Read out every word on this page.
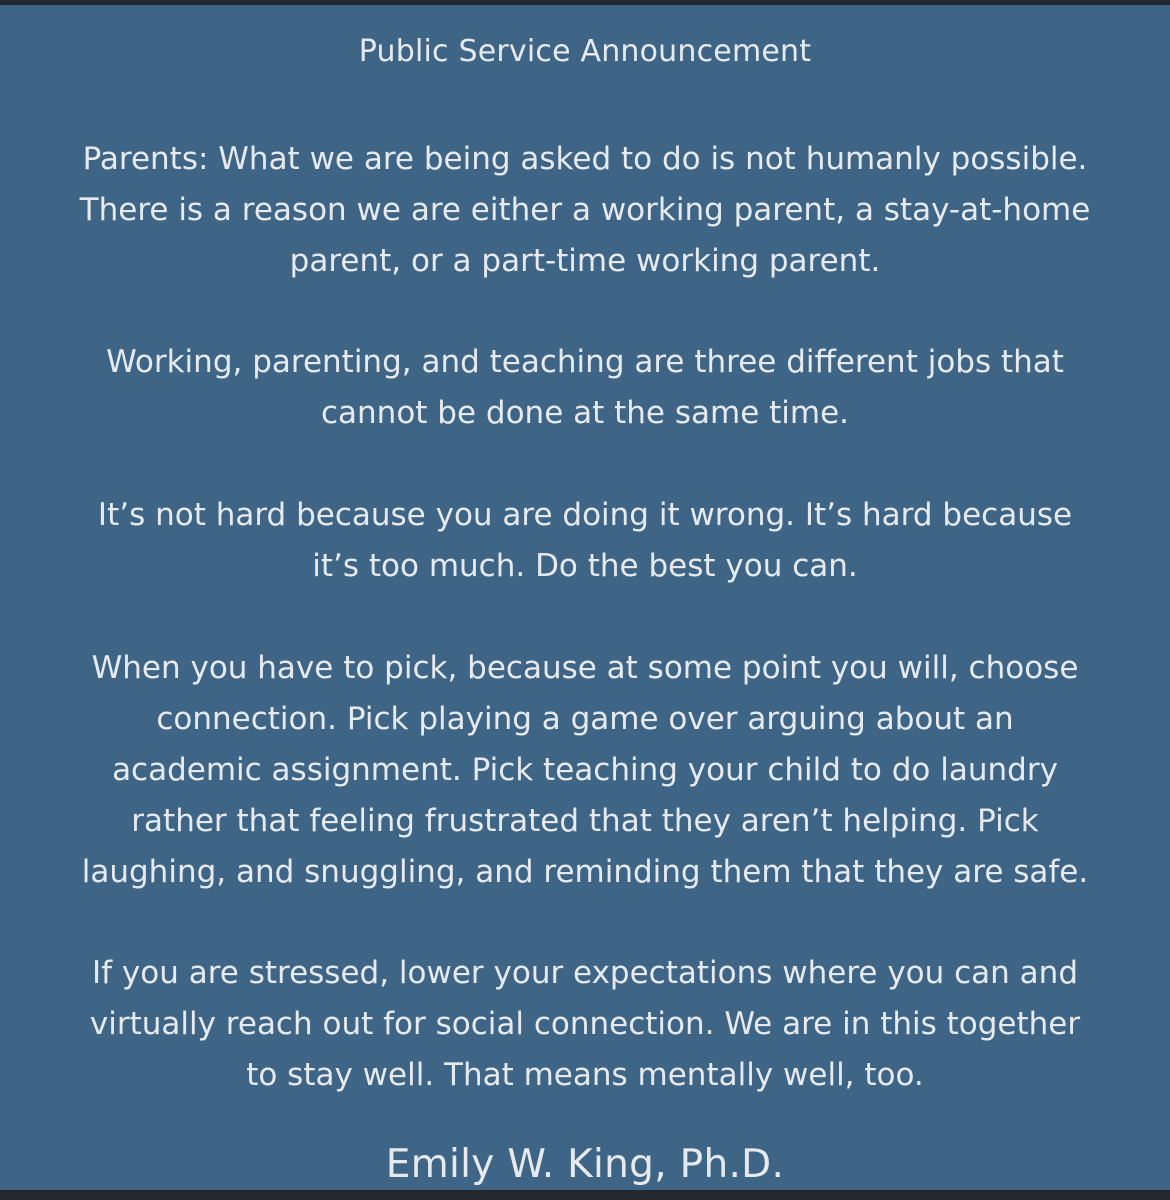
Public Service Announcement
Parents: What we are being asked to do is not humanly possible.
There is a reason we are either a working parent, a stay-at-home
parent, or a part-time working parent.
Working, parenting, and teaching are three different jobs that
cannot be done at the same time.
It’s not hard because you are doing it wrong. It’s hard because
it’s too much. Do the best you can.
When you have to pick, because at some point you will, choose
connection. Pick playing a game over arguing about an
academic assignment. Pick teaching your child to do laundry
rather that feeling frustrated that they aren’t helping. Pick
laughing, and snuggling, and reminding them that they are safe.
If you are stressed, lower your expectations where you can and
virtually reach out for social connection. We are in this together
to stay well. That means mentally well, too.
Emily W. King, Ph.D.
